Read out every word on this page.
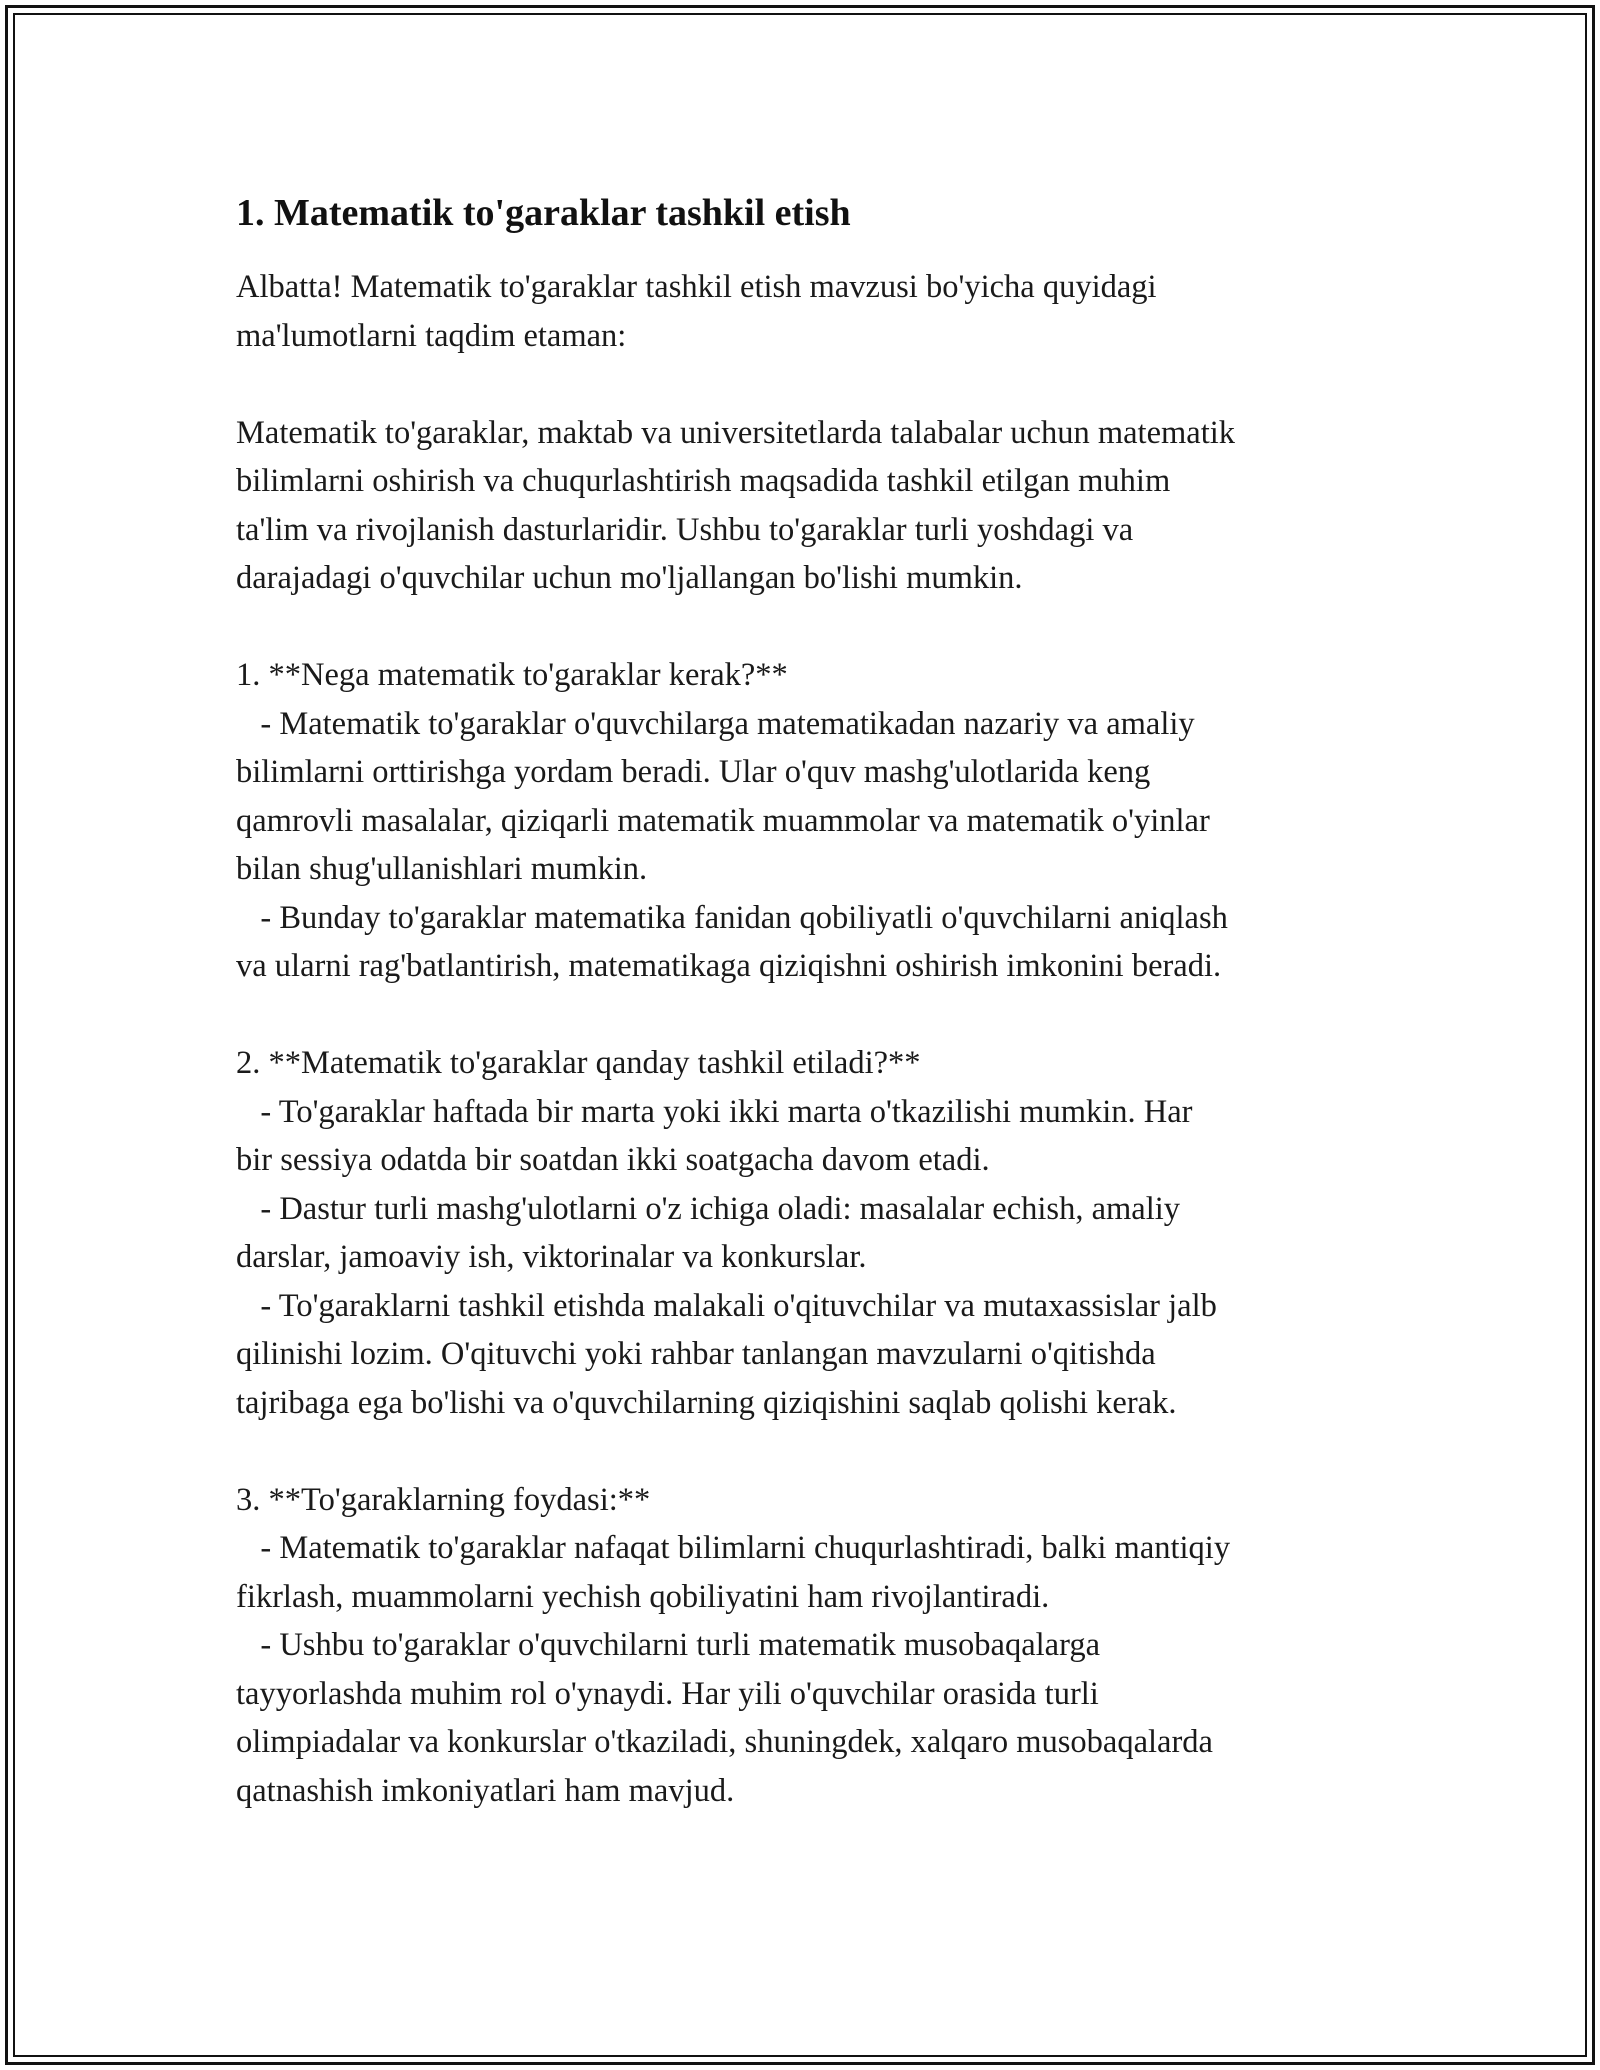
1. Matematik to'garaklar tashkil etish

Albatta! Matematik to'garaklar tashkil etish mavzusi bo'yicha quyidagi
ma'lumotlarni taqdim etaman:

Matematik to'garaklar, maktab va universitetlarda talabalar uchun matematik
bilimlarni oshirish va chuqurlashtirish maqsadida tashkil etilgan muhim
ta'lim va rivojlanish dasturlaridir. Ushbu to'garaklar turli yoshdagi va
darajadagi o'quvchilar uchun mo'ljallangan bo'lishi mumkin.

1. **Nega matematik to'garaklar kerak?**

- Matematik to'garaklar o'quvchilarga matematikadan nazariy va amaliy
bilimlarni orttirishga yordam beradi. Ular o'quv mashg'ulotlarida keng
qamrovli masalalar, qiziqarli matematik muammolar va matematik o'yinlar
bilan shug'ullanishlari mumkin.

- Bunday to'garaklar matematika fanidan qobiliyatli o'quvchilarni aniqlash
va ularni rag'batlantirish, matematikaga qiziqishni oshirish imkonini beradi.

2. **Matematik to'garaklar qanday tashkil etiladi?**

- To'garaklar haftada bir marta yoki ikki marta o'tkazilishi mumkin. Har
bir sessiya odatda bir soatdan ikki soatgacha davom etadi.

- Dastur turli mashg'ulotlarni o'z ichiga oladi: masalalar echish, amaliy
darslar, jamoaviy ish, viktorinalar va konkurslar.

- To'garaklarni tashkil etishda malakali o'qituvchilar va mutaxassislar jalb
qilinishi lozim. O'qituvchi yoki rahbar tanlangan mavzularni o'qitishda
tajribaga ega bo'lishi va o'quvchilarning qiziqishini saqlab qolishi kerak.

3. **To'garaklarning foydasi:**

- Matematik to'garaklar nafaqat bilimlarni chuqurlashtiradi, balki mantiqiy
fikrlash, muammolarni yechish qobiliyatini ham rivojlantiradi.

- Ushbu to'garaklar o'quvchilarni turli matematik musobaqalarga
tayyorlashda muhim rol o'ynaydi. Har yili o'quvchilar orasida turli
olimpiadalar va konkurslar o'tkaziladi, shuningdek, xalqaro musobaqalarda
qatnashish imkoniyatlari ham mavjud.
